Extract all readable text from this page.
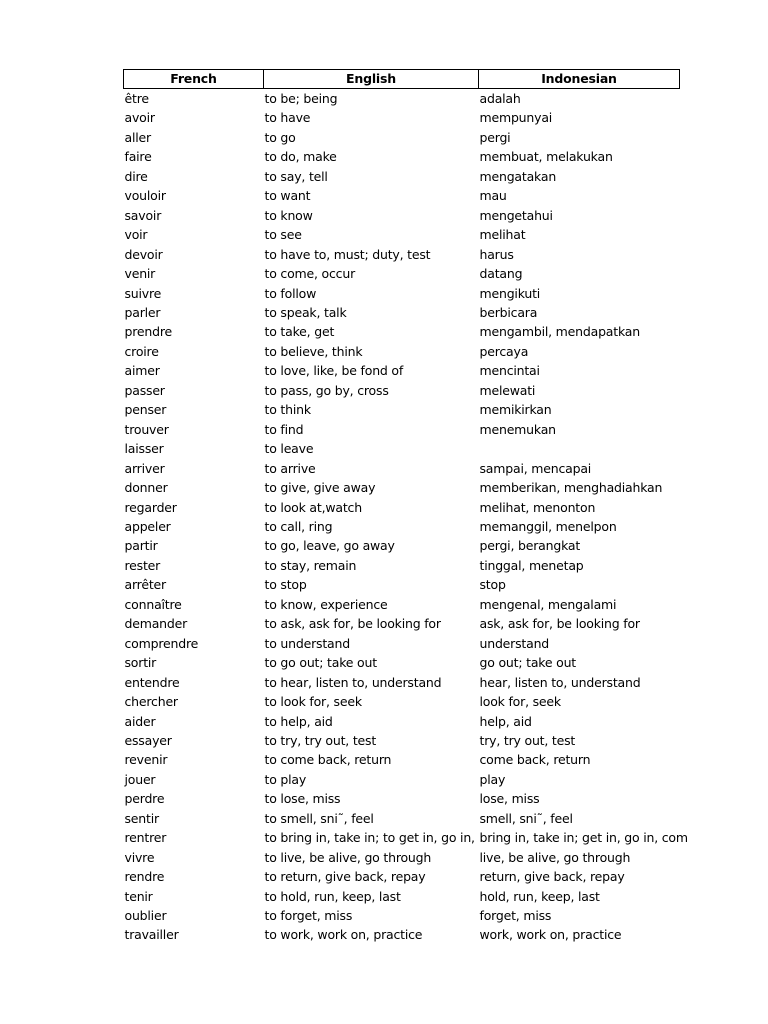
French	English	Indonesian
être	to be; being	adalah
avoir	to have	mempunyai
aller	to go	pergi
faire	to do, make	membuat, melakukan
dire	to say, tell	mengatakan
vouloir	to want	mau
savoir	to know	mengetahui
voir	to see	melihat
devoir	to have to, must; duty, test	harus
venir	to come, occur	datang
suivre	to follow	mengikuti
parler	to speak, talk	berbicara
prendre	to take, get	mengambil, mendapatkan
croire	to believe, think	percaya
aimer	to love, like, be fond of	mencintai
passer	to pass, go by, cross	melewati
penser	to think	memikirkan
trouver	to find	menemukan
laisser	to leave	
arriver	to arrive	sampai, mencapai
donner	to give, give away	memberikan, menghadiahkan
regarder	to look at,watch	melihat, menonton
appeler	to call, ring	memanggil, menelpon
partir	to go, leave, go away	pergi, berangkat
rester	to stay, remain	tinggal, menetap
arrêter	to stop	stop
connaître	to know, experience	mengenal, mengalami
demander	to ask, ask for, be looking for	ask, ask for, be looking for
comprendre	to understand	understand
sortir	to go out; take out	go out; take out
entendre	to hear, listen to, understand	hear, listen to, understand
chercher	to look for, seek	look for, seek
aider	to help, aid	help, aid
essayer	to try, try out, test	try, try out, test
revenir	to come back, return	come back, return
jouer	to play	play
perdre	to lose, miss	lose, miss
sentir	to smell, sni˜, feel	smell, sni˜, feel
rentrer	to bring in, take in; to get in, go in,	bring in, take in; get in, go in, com
vivre	to live, be alive, go through	live, be alive, go through
rendre	to return, give back, repay	return, give back, repay
tenir	to hold, run, keep, last	hold, run, keep, last
oublier	to forget, miss	forget, miss
travailler	to work, work on, practice	work, work on, practice
